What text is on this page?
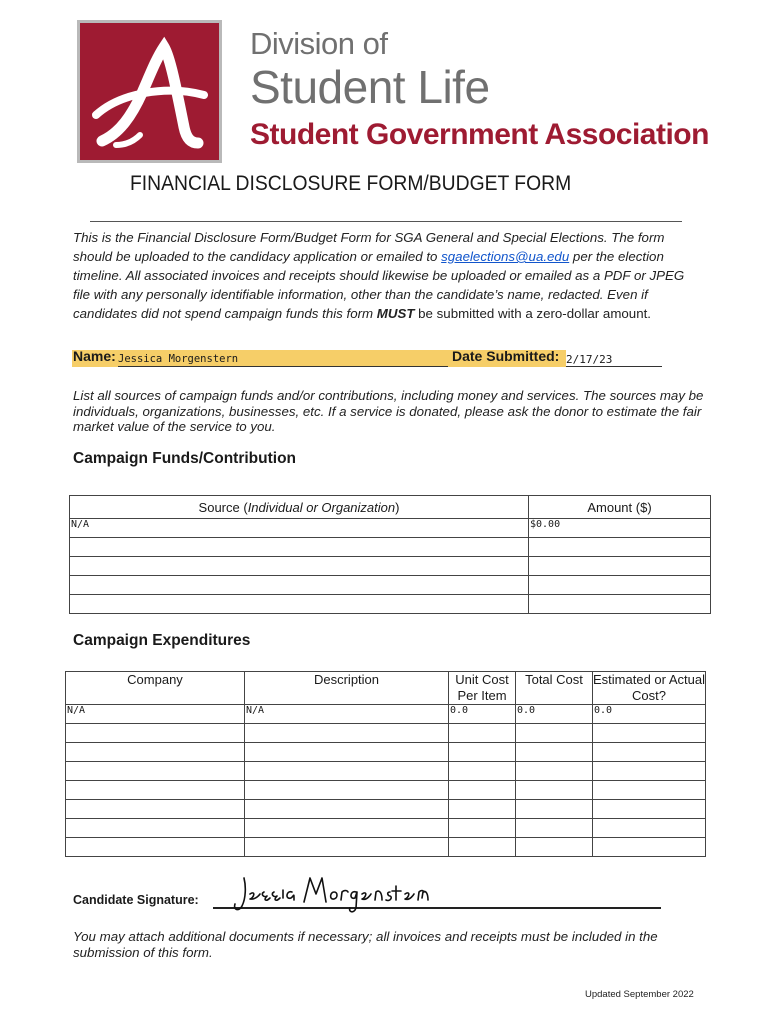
Division of
Student Life
Student Government Association
FINANCIAL DISCLOSURE FORM/BUDGET FORM
This is the Financial Disclosure Form/Budget Form for SGA General and Special Elections. The form should be uploaded to the candidacy application or emailed to sgaelections@ua.edu per the election timeline. All associated invoices and receipts should likewise be uploaded or emailed as a PDF or JPEG file with any personally identifiable information, other than the candidate’s name, redacted. Even if candidates did not spend campaign funds this form MUST be submitted with a zero-dollar amount.
Name: Jessica Morgenstern	Date Submitted: 2/17/23
List all sources of campaign funds and/or contributions, including money and services. The sources may be individuals, organizations, businesses, etc. If a service is donated, please ask the donor to estimate the fair market value of the service to you.
Campaign Funds/Contribution
Source (Individual or Organization)	Amount ($)
N/A	$0.00

Campaign Expenditures
Company	Description	Unit Cost Per Item	Total Cost	Estimated or Actual Cost?
N/A	N/A	0.0	0.0	0.0

Candidate Signature:
You may attach additional documents if necessary; all invoices and receipts must be included in the submission of this form.
Updated September 2022
